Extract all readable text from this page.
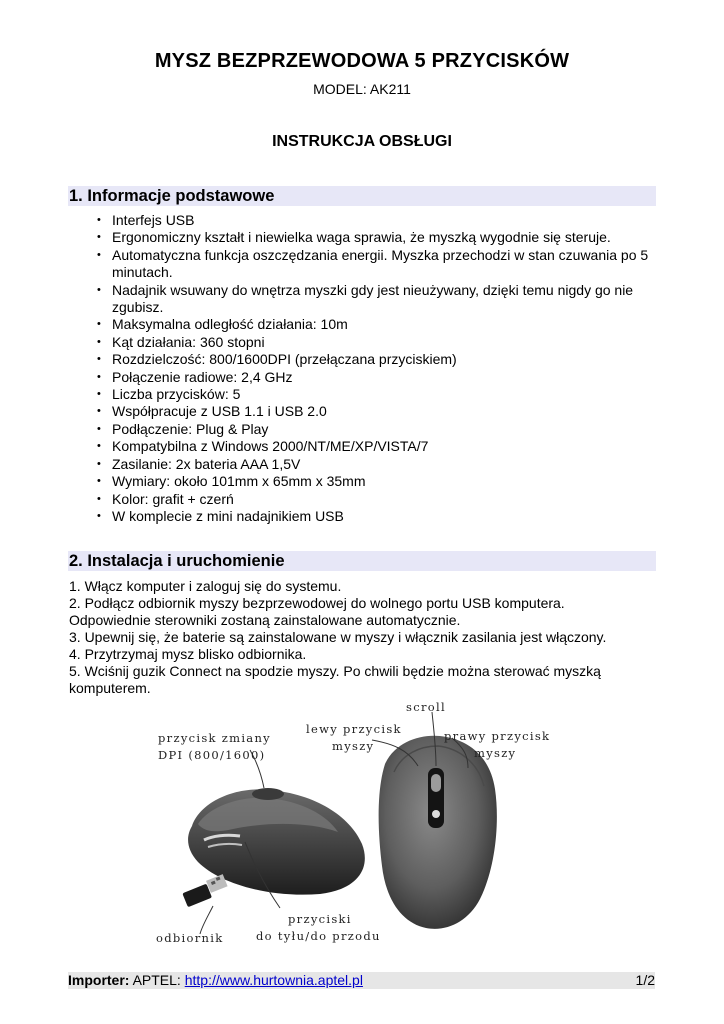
MYSZ BEZPRZEWODOWA 5 PRZYCISKÓW
MODEL: AK211
INSTRUKCJA OBSŁUGI
1. Informacje podstawowe
• Interfejs USB
• Ergonomiczny kształt i niewielka waga sprawia, że myszką wygodnie się steruje.
• Automatyczna funkcja oszczędzania energii. Myszka przechodzi w stan czuwania po 5 minutach.
• Nadajnik wsuwany do wnętrza myszki gdy jest nieużywany, dzięki temu nigdy go nie zgubisz.
• Maksymalna odległość działania: 10m
• Kąt działania: 360 stopni
• Rozdzielczość: 800/1600DPI (przełączana przyciskiem)
• Połączenie radiowe: 2,4 GHz
• Liczba przycisków: 5
• Współpracuje z USB 1.1 i USB 2.0
• Podłączenie: Plug & Play
• Kompatybilna z Windows 2000/NT/ME/XP/VISTA/7
• Zasilanie: 2x bateria AAA 1,5V
• Wymiary: około 101mm x 65mm x 35mm
• Kolor: grafit + czerń
• W komplecie z mini nadajnikiem USB
2. Instalacja i uruchomienie
1. Włącz komputer i zaloguj się do systemu.
2. Podłącz odbiornik myszy bezprzewodowej do wolnego portu USB komputera.
Odpowiednie sterowniki zostaną zainstalowane automatycznie.
3. Upewnij się, że baterie są zainstalowane w myszy i włącznik zasilania jest włączony.
4. Przytrzymaj mysz blisko odbiornika.
5. Wciśnij guzik Connect na spodzie myszy. Po chwili będzie można sterować myszką komputerem.
przycisk zmiany
DPI (800/1600)
lewy przycisk
myszy
scroll
prawy przycisk
myszy
przyciski
do tyłu/do przodu
odbiornik
Importer: APTEL: http://www.hurtownia.aptel.pl	1/2
